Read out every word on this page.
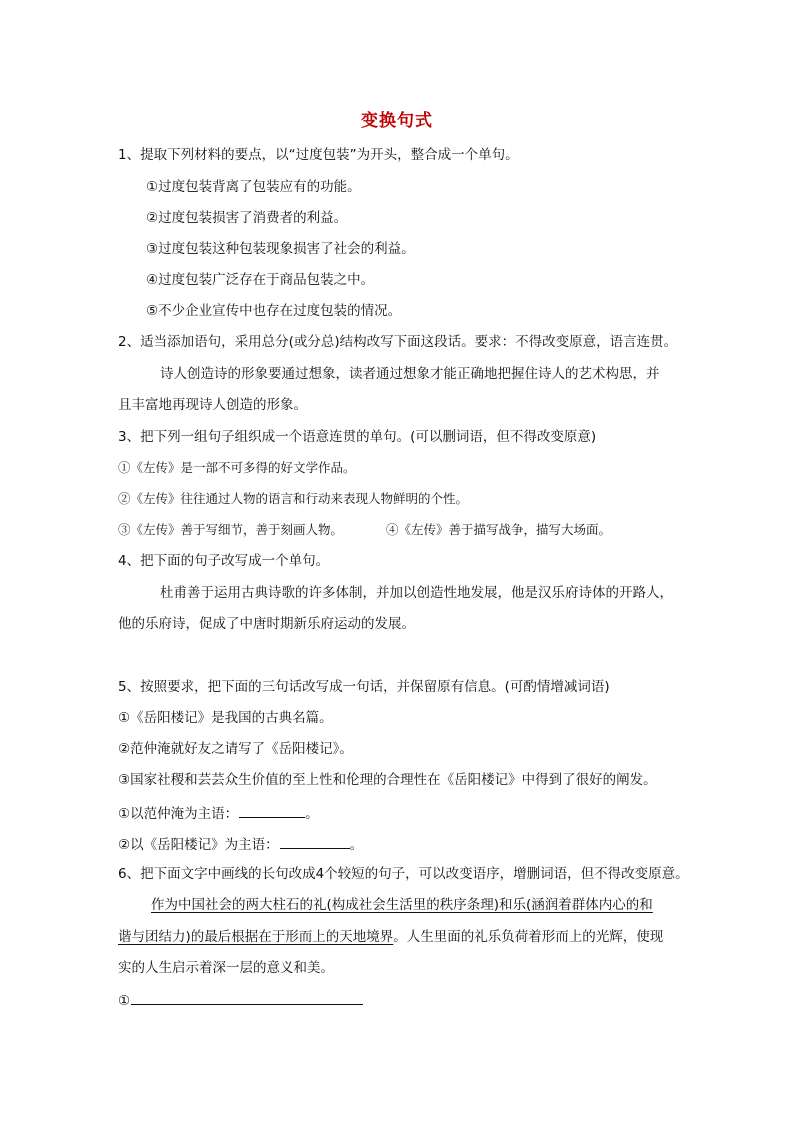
变换句式
1、提取下列材料的要点，以“过度包装”为开头，整合成一个单句。
①过度包装背离了包装应有的功能。
②过度包装损害了消费者的利益。
③过度包装这种包装现象损害了社会的利益。
④过度包装广泛存在于商品包装之中。
⑤不少企业宣传中也存在过度包装的情况。
2、适当添加语句，采用总分(或分总)结构改写下面这段话。要求：不得改变原意，语言连贯。
诗人创造诗的形象要通过想象，读者通过想象才能正确地把握住诗人的艺术构思，并
且丰富地再现诗人创造的形象。
3、把下列一组句子组织成一个语意连贯的单句。(可以删词语，但不得改变原意)
①《左传》是一部不可多得的好文学作品。
②《左传》往往通过人物的语言和行动来表现人物鲜明的个性。
③《左传》善于写细节，善于刻画人物。	④《左传》善于描写战争，描写大场面。
4、把下面的句子改写成一个单句。
杜甫善于运用古典诗歌的许多体制，并加以创造性地发展，他是汉乐府诗体的开路人，
他的乐府诗，促成了中唐时期新乐府运动的发展。
5、按照要求，把下面的三句话改写成一句话，并保留原有信息。(可酌情增减词语)
①《岳阳楼记》是我国的古典名篇。
②范仲淹就好友之请写了《岳阳楼记》。
③国家社稷和芸芸众生价值的至上性和伦理的合理性在《岳阳楼记》中得到了很好的阐发。
①以范仲淹为主语：	。
②以《岳阳楼记》为主语：	。
6、把下面文字中画线的长句改成4个较短的句子，可以改变语序，增删词语，但不得改变原意。
作为中国社会的两大柱石的礼(构成社会生活里的秩序条理)和乐(涵润着群体内心的和
谐与团结力)的最后根据在于形而上的天地境界。人生里面的礼乐负荷着形而上的光辉，使现
实的人生启示着深一层的意义和美。
①
